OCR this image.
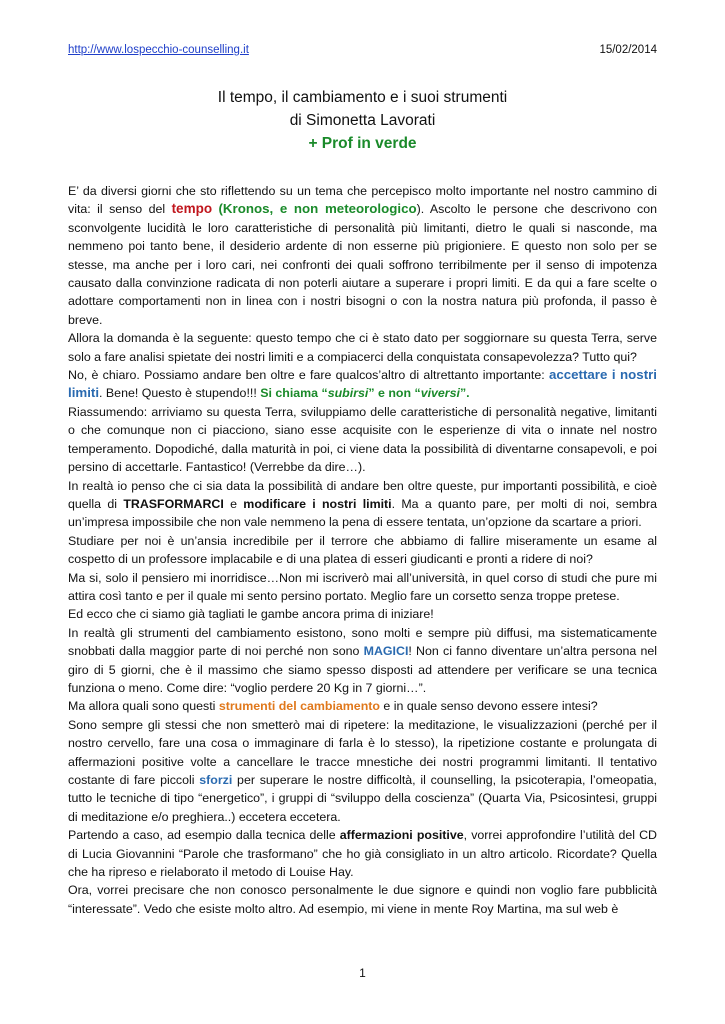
http://www.lospecchio-counselling.it	15/02/2014
Il tempo, il cambiamento e i suoi strumenti
di Simonetta Lavorati
+ Prof in verde

E’ da diversi giorni che sto riflettendo su un tema che percepisco molto importante nel nostro cammino di vita: il senso del tempo (Kronos, e non meteorologico). Ascolto le persone che descrivono con sconvolgente lucidità le loro caratteristiche di personalità più limitanti, dietro le quali si nasconde, ma nemmeno poi tanto bene, il desiderio ardente di non esserne più prigioniere. E questo non solo per se stesse, ma anche per i loro cari, nei confronti dei quali soffrono terribilmente per il senso di impotenza causato dalla convinzione radicata di non poterli aiutare a superare i propri limiti. E da qui a fare scelte o adottare comportamenti non in linea con i nostri bisogni o con la nostra natura più profonda, il passo è breve.

Allora la domanda è la seguente: questo tempo che ci è stato dato per soggiornare su questa Terra, serve solo a fare analisi spietate dei nostri limiti e a compiacerci della conquistata consapevolezza? Tutto qui?

No, è chiaro. Possiamo andare ben oltre e fare qualcos’altro di altrettanto importante: accettare i nostri limiti. Bene! Questo è stupendo!!! Si chiama “subirsi” e non “viversi”.

Riassumendo: arriviamo su questa Terra, sviluppiamo delle caratteristiche di personalità negative, limitanti o che comunque non ci piacciono, siano esse acquisite con le esperienze di vita o innate nel nostro temperamento. Dopodiché, dalla maturità in poi, ci viene data la possibilità di diventarne consapevoli, e poi persino di accettarle. Fantastico! (Verrebbe da dire…).

In realtà io penso che ci sia data la possibilità di andare ben oltre queste, pur importanti possibilità, e cioè quella di TRASFORMARCI e modificare i nostri limiti. Ma a quanto pare, per molti di noi, sembra un’impresa impossibile che non vale nemmeno la pena di essere tentata, un’opzione da scartare a priori.

Studiare per noi è un’ansia incredibile per il terrore che abbiamo di fallire miseramente un esame al cospetto di un professore implacabile e di una platea di esseri giudicanti e pronti a ridere di noi?

Ma si, solo il pensiero mi inorridisce…Non mi iscriverò mai all’università, in quel corso di studi che pure mi attira così tanto e per il quale mi sento persino portato. Meglio fare un corsetto senza troppe pretese.

Ed ecco che ci siamo già tagliati le gambe ancora prima di iniziare!

In realtà gli strumenti del cambiamento esistono, sono molti e sempre più diffusi, ma sistematicamente snobbati dalla maggior parte di noi perché non sono MAGICI! Non ci fanno diventare un’altra persona nel giro di 5 giorni, che è il massimo che siamo spesso disposti ad attendere per verificare se una tecnica funziona o meno. Come dire: “voglio perdere 20 Kg in 7 giorni…”.

Ma allora quali sono questi strumenti del cambiamento e in quale senso devono essere intesi?

Sono sempre gli stessi che non smetterò mai di ripetere: la meditazione, le visualizzazioni (perché per il nostro cervello, fare una cosa o immaginare di farla è lo stesso), la ripetizione costante e prolungata di affermazioni positive volte a cancellare le tracce mnestiche dei nostri programmi limitanti. Il tentativo costante di fare piccoli sforzi per superare le nostre difficoltà, il counselling, la psicoterapia, l’omeopatia, tutto le tecniche di tipo “energetico”, i gruppi di “sviluppo della coscienza” (Quarta Via, Psicosintesi, gruppi di meditazione e/o preghiera..) eccetera eccetera.

Partendo a caso, ad esempio dalla tecnica delle affermazioni positive, vorrei approfondire l’utilità del CD di Lucia Giovannini “Parole che trasformano” che ho già consigliato in un altro articolo. Ricordate? Quella che ha ripreso e rielaborato il metodo di Louise Hay.

Ora, vorrei precisare che non conosco personalmente le due signore e quindi non voglio fare pubblicità “interessate”. Vedo che esiste molto altro. Ad esempio, mi viene in mente Roy Martina, ma sul web è

1
